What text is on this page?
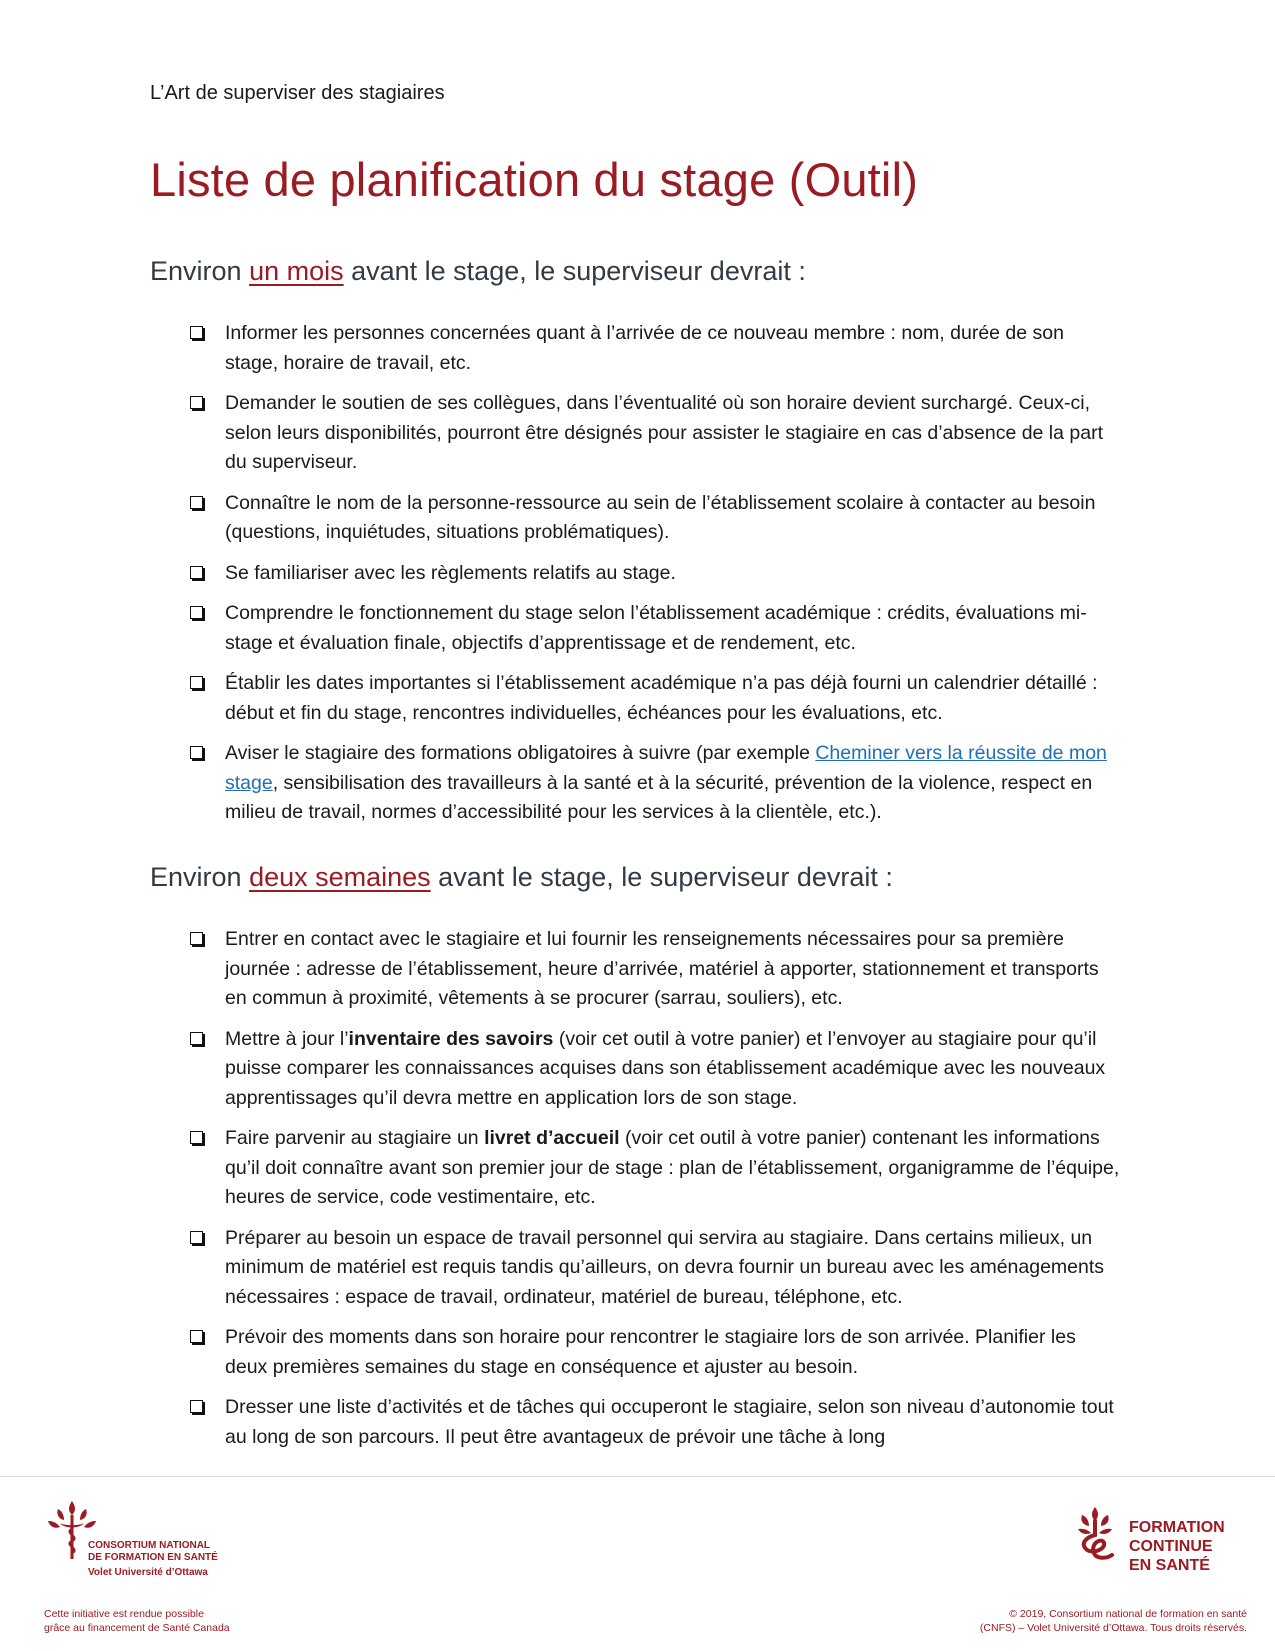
L’Art de superviser des stagiaires
Liste de planification du stage (Outil)
Environ un mois avant le stage, le superviseur devrait :
Informer les personnes concernées quant à l’arrivée de ce nouveau membre : nom, durée de son stage, horaire de travail, etc.
Demander le soutien de ses collègues, dans l’éventualité où son horaire devient surchargé. Ceux-ci, selon leurs disponibilités, pourront être désignés pour assister le stagiaire en cas d’absence de la part du superviseur.
Connaître le nom de la personne-ressource au sein de l’établissement scolaire à contacter au besoin (questions, inquiétudes, situations problématiques).
Se familiariser avec les règlements relatifs au stage.
Comprendre le fonctionnement du stage selon l’établissement académique : crédits, évaluations mi-stage et évaluation finale, objectifs d’apprentissage et de rendement, etc.
Établir les dates importantes si l’établissement académique n’a pas déjà fourni un calendrier détaillé : début et fin du stage, rencontres individuelles, échéances pour les évaluations, etc.
Aviser le stagiaire des formations obligatoires à suivre (par exemple Cheminer vers la réussite de mon stage, sensibilisation des travailleurs à la santé et à la sécurité, prévention de la violence, respect en milieu de travail, normes d’accessibilité pour les services à la clientèle, etc.).
Environ deux semaines avant le stage, le superviseur devrait :
Entrer en contact avec le stagiaire et lui fournir les renseignements nécessaires pour sa première journée : adresse de l’établissement, heure d’arrivée, matériel à apporter, stationnement et transports en commun à proximité, vêtements à se procurer (sarrau, souliers), etc.
Mettre à jour l’inventaire des savoirs (voir cet outil à votre panier) et l’envoyer au stagiaire pour qu’il puisse comparer les connaissances acquises dans son établissement académique avec les nouveaux apprentissages qu’il devra mettre en application lors de son stage.
Faire parvenir au stagiaire un livret d’accueil (voir cet outil à votre panier) contenant les informations qu’il doit connaître avant son premier jour de stage : plan de l’établissement, organigramme de l’équipe, heures de service, code vestimentaire, etc.
Préparer au besoin un espace de travail personnel qui servira au stagiaire. Dans certains milieux, un minimum de matériel est requis tandis qu’ailleurs, on devra fournir un bureau avec les aménagements nécessaires : espace de travail, ordinateur, matériel de bureau, téléphone, etc.
Prévoir des moments dans son horaire pour rencontrer le stagiaire lors de son arrivée. Planifier les deux premières semaines du stage en conséquence et ajuster au besoin.
Dresser une liste d’activités et de tâches qui occuperont le stagiaire, selon son niveau d’autonomie tout au long de son parcours. Il peut être avantageux de prévoir une tâche à long
CONSORTIUM NATIONAL
DE FORMATION EN SANTÉ
Volet Université d’Ottawa
Cette initiative est rendue possible
grâce au financement de Santé Canada
FORMATION
CONTINUE
EN SANTÉ
© 2019, Consortium national de formation en santé
(CNFS) – Volet Université d’Ottawa. Tous droits réservés.
